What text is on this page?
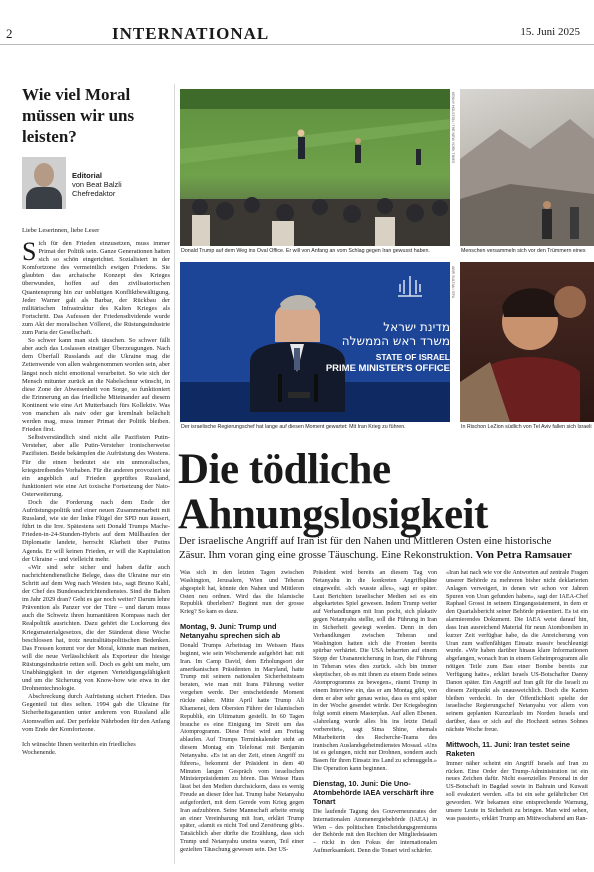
2	INTERNATIONAL	15. Juni 2025
Wie viel Moral müssen wir uns leisten?
Editorial
von Beat Balzli
Chefredaktor
Liebe Leserinnen, liebe Leser

Sich für den Frieden einzusetzen, muss immer Primat der Politik sein. Ganze Generationen hatten sich so schön eingerichtet. Sozialisiert in der Komfortzone des vermeintlich ewigen Friedens. Sie glaubten das archaische Konzept des Krieges überwunden, hoffen auf den zivilisatorischen Quantensprung hin zur unblutigen Konfliktbewältigung. Jeder Warner galt als Barbar, der Rückbau der militärischen Infrastruktur des Kalten Krieges als Fortschritt. Das Aufessen der Friedensdividende wurde zum Akt der moralischen Völlerei, die Rüstungsindustrie zum Paria der Gesellschaft.

So schwer kann man sich täuschen. So schwer fällt aber auch das Loslassen einstiger Überzeugungen. Nach dem Überfall Russlands auf die Ukraine mag die Zeitenwende von allen wahrgenommen worden sein, aber längst noch nicht emotional verarbeitet. So wie sich der Mensch mitunter zurück an die Nabelschnur wünscht, in diese Zone der Abwesenheit von Sorge, so funktioniert die Erinnerung an das friedliche Miteinander auf diesem Kontinent wie eine Art Mutterbauch fürs Kollektiv. Was von manchen als naiv oder gar kremlnah belächelt werden mag, muss immer Primat der Politik bleiben. Frieden first.

Selbstverständlich sind nicht alle Pazifisten Putin-Versteher, aber alle Putin-Versteher ironischerweise Pazifisten. Beide bekämpfen die Aufrüstung des Westens. Für die einen bedeutet sie ein unmoralisches, kriegstreibendes Vorhaben. Für die anderen provoziert sie ein angeblich auf Frieden geprüftes Russland, funktioniert wie eine Art toxische Fortsetzung der Nato-Osterweiterung.

Doch die Forderung nach dem Ende der Aufrüstungspolitik und einer neuen Zusammenarbeit mit Russland, wie sie der linke Flügel der SPD nun äussert, führt in die Irre. Spätestens seit Donald Trumps Mache-Frieden-in-24-Stunden-Hybris auf dem Müllhaufen der Diplomatie landete, herrscht Klarheit über Putins Agenda. Er will keinen Frieden, er will die Kapitulation der Ukraine – und vielleicht mehr.

«Wir sind sehr sicher und haben dafür auch nachrichtendienstliche Belege, dass die Ukraine nur ein Schritt auf dem Weg nach Westen ist», sagt Bruno Kahl, der Chef des Bundesnachrichtendienstes. Sind die Balten im Jahr 2029 dran? Geht es gar noch weiter? Darum lehre Prävention als Panzer vor der Türe – und darum muss auch die Schweiz ihren humanitären Kompass nach der Realpolitik ausrichten. Dazu gehört die Lockerung des Kriegsmaterialgesetzes, die der Ständerat diese Woche beschlossen hat, trotz neutralitätspolitischen Bedenken. Das Fressen kommt vor der Moral, könnte man meinen, will die neue Verlässlichkeit als Exporteur die hiesige Rüstungsindustrie retten soll. Doch es geht um mehr, um Unabhängigkeit in der eigenen Verteidigungsfähigkeit und um die Sicherung von Know-how wie etwa in der Drohnentechnologie.

Abschreckung durch Aufrüstung sichert Frieden. Das Gegenteil tut dies selten. 1994 gab die Ukraine für Sicherheitsgarantien unter anderem von Russland alle Atomwaffen auf. Der perfekte Nährboden für den Anfang vom Ende der Komfortzone.

Ich wünschte Ihnen weiterhin ein friedliches Wochenende.
KENNY HOLSTON / THE NEW YORK TIMES
Donald Trump auf dem Weg ins Oval Office. Er will von Anfang an vom Schlag gegen Iran gewusst haben.	Menschen versammeln sich vor den Trümmern eines
מדינת ישראל
משרד ראש הממשלה
STATE OF ISRAEL
PRIME MINISTER'S OFFICE
ABIR SULTAN / EPA
Der israelische Regierungschef hat lange auf diesen Moment gewartet: Mit Iran Krieg zu führen.	In Rischon LeZion südlich von Tel Aviv fallen sich Israeli
Die tödliche Ahnungslosigkeit

Der israelische Angriff auf Iran ist für den Nahen und Mittleren Osten eine historische Zäsur. Ihm voran ging eine grosse Täuschung. Eine Rekonstruktion. Von Petra Ramsauer

Was sich in den letzten Tagen zwischen Washington, Jerusalem, Wien und Teheran abgespielt hat, könnte den Nahen und Mittleren Osten neu ordnen. Wird das die Islamische Republik überleben? Beginnt nun der grosse Krieg? So kam es dazu.

Montag, 9. Juni: Trump und Netanyahu sprechen sich ab

Donald Trumps Arbeitstag im Weissen Haus beginnt, wie sein Wochenende aufgehört hat: mit Iran. Im Camp David, dem Erholungsort der amerikanischen Präsidenten in Maryland, hatte Trump mit seinem nationalen Sicherheitsteam beraten, wie man mit Irans Führung weiter vorgehen werde. Der entscheidende Moment rückte näher. Mitte April hatte Trump Ali Khamenei, dem Obersten Führer der Islamischen Republik, ein Ultimatum gestellt. In 60 Tagen brauche es eine Einigung im Streit um das Atomprogramm. Diese Frist wird am Freitag ablaufen. Auf Trumps Terminkalender steht an diesem Montag ein Telefonat mit Benjamin Netanyahu. «Es ist an der Zeit, einen Angriff zu führen», bekommt der Präsident in dem 40 Minuten langen Gespräch vom israelischen Ministerpräsidenten zu hören. Das Weisse Haus lässt bei den Medien durchsickern, dass es wenig Freude an dieser Idee hat. Trump habe Netanyahu aufgefordert, mit dem Gerede vom Krieg gegen Iran aufzuhören. Seine Mannschaft arbeite emsig an einer Vereinbarung mit Iran, erklärt Trump später, «damit es nicht Tod und Zerstörung gibt». Tatsächlich aber dürfte die Erzählung, dass sich Trump und Netanyahu uneins waren, Teil einer gezielten Täuschung gewesen sein. Der US-

Präsident wird bereits an diesem Tag von Netanyahu in die konkreten Angriffspläne eingeweiht. «Ich wusste alles», sagt er später. Laut Berichten israelischer Medien sei es ein abgekartetes Spiel gewesen. Indem Trump weiter auf Verhandlungen mit Iran pocht, sich plakativ gegen Netanyahu stellte, soll die Führung in Iran in Sicherheit gewiegt werden. Denn in den Verhandlungen zwischen Teheran und Washington hatten sich die Fronten bereits spürbar verhärtet. Die USA beharrten auf einem Stopp der Urananreicherung in Iran, die Führung in Teheran wies dies zurück. «Ich bin immer skeptischer, ob es mit ihnen zu einem Ende seines Atomprogramms zu bewegen», räumt Trump in einem Interview ein, das er am Montag gibt, von dem er aber sehr genau weiss, dass es erst später in der Woche gesendet würde. Der Kriegsbeginn folgt somit einem Masterplan. Auf allen Ebenen. «Jahrelang wurde alles bis ins letzte Detail vorbereitet», sagt Sima Shine, ehemals Mitarbeiterin des Recherche-Teams des iranischen Auslandsgeheimdienstes Mossad. «Uns ist es gelungen, nicht nur Drohnen, sondern auch Basen für ihren Einsatz ins Land zu schmuggeln.» Die Operation kann beginnen.

Dienstag, 10. Juni: Die Uno-Atombehörde IAEA verschärft ihre Tonart

Die laufende Tagung des Gouverneursrates der Internationalen Atomenergiebehörde (IAEA) in Wien – des politischen Entscheidungsgremiums der Behörde mit den Rechten der Mitgliedstaaten – rückt in den Fokus der internationalen Aufmerksamkeit. Denn die Tonart wird schärfer.

«Iran hat nach wie vor die Antworten auf zentrale Fragen unserer Behörde zu mehreren bisher nicht deklarierten Anlagen verweigert, in denen wir schon vor Jahren Spuren von Uran gefunden haben», sagt der IAEA-Chef Raphael Grossi in seinem Eingangsstatement, in dem er den Quartalsbericht seiner Behörde präsentiert. Es ist ein alarmierendes Dokument. Die IAEA weist darauf hin, dass Iran ausreichend Material für neun Atombomben in kurzer Zeit verfügbar habe, da die Anreicherung von Uran zum waffenfähigen Einsatz massiv beschleunigt wurde. «Wir haben darüber hinaus klare Informationen abgefangen, wonach Iran in einem Geheimprogramm alle nötigen Teile zum Bau einer Bombe bereits zur Verfügung hatte», erklärt Israels US-Botschafter Danny Danon später. Ein Angriff auf Iran gilt für die Israeli zu diesem Zeitpunkt als unausweichlich. Doch die Karten bleiben verdeckt. In der Öffentlichkeit spielte der israelische Regierungschef Netanyahu vor allem von seinem geplanten Kurzurlaub im Norden Israels und darüber, dass er sich auf die Hochzeit seines Sohnes nächste Woche freue.

Mittwoch, 11. Juni: Iran testet seine Raketen

Immer näher scheint ein Angriff Israels auf Iran zu rücken. Eine Order der Trump-Administration ist ein neues Zeichen dafür. Nicht essenzielles Personal in der US-Botschaft in Bagdad sowie in Bahrain und Kuwait soll evakuiert werden. «Es ist ein sehr gefährlicher Ort geworden. Wir bekamen eine entsprechende Warnung, unsere Leute in Sicherheit zu bringen. Man wird sehen, was passiert», erklärt Trump am Mittwochabend am Ran-
